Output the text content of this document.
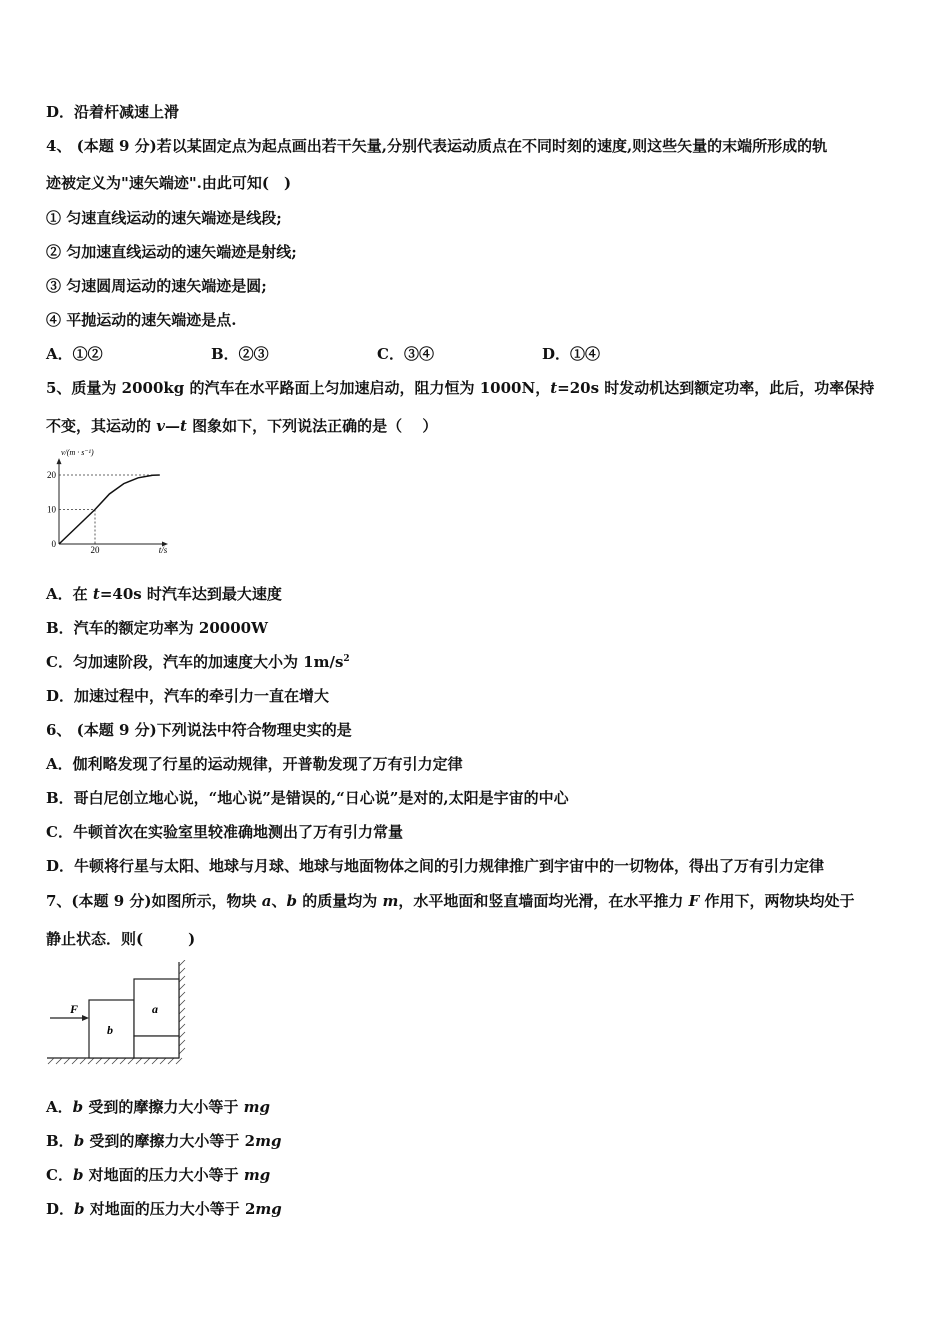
D．沿着杆减速上滑
4、 (本题 9 分)若以某固定点为起点画出若干矢量,分别代表运动质点在不同时刻的速度,则这些矢量的末端所形成的轨
迹被定义为"速矢端迹".由此可知(　)
① 匀速直线运动的速矢端迹是线段;
② 匀加速直线运动的速矢端迹是射线;
③ 匀速圆周运动的速矢端迹是圆;
④ 平抛运动的速矢端迹是点.
A．①②	B．②③	C．③④	D．①④
5、质量为 2000kg 的汽车在水平路面上匀加速启动，阻力恒为 1000N，t=20s 时发动机达到额定功率，此后，功率保持
不变，其运动的 v—t 图象如下，下列说法正确的是（　 ）
v/(m · s⁻¹)
t/s
20
10
0
20
A．在 t=40s 时汽车达到最大速度
B．汽车的额定功率为 20000W
C．匀加速阶段，汽车的加速度大小为 $1m/s^2$
D．加速过程中，汽车的牵引力一直在增大
6、 (本题 9 分)下列说法中符合物理史实的是
A．伽利略发现了行星的运动规律，开普勒发现了万有引力定律
B．哥白尼创立地心说，“地心说”是错误的,“日心说”是对的,太阳是宇宙的中心
C．牛顿首次在实验室里较准确地测出了万有引力常量
D．牛顿将行星与太阳、地球与月球、地球与地面物体之间的引力规律推广到宇宙中的一切物体，得出了万有引力定律
7、(本题 9 分)如图所示，物块 a、b 的质量均为 m，水平地面和竖直墙面均光滑，在水平推力 F 作用下，两物块均处于
静止状态．则(　　　)
b
a
F
A．b 受到的摩擦力大小等于 mg
B．b 受到的摩擦力大小等于 2mg
C．b 对地面的压力大小等于 mg
D．b 对地面的压力大小等于 2mg
